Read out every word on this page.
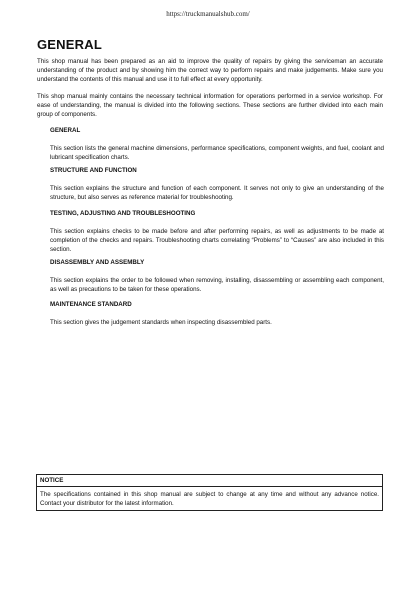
https://truckmanualshub.com/
GENERAL

This shop manual has been prepared as an aid to improve the quality of repairs by giving the serviceman an accurate understanding of the product and by showing him the correct way to perform repairs and make judgements. Make sure you understand the contents of this manual and use it to full effect at every opportunity.

This shop manual mainly contains the necessary technical information for operations performed in a service workshop. For ease of understanding, the manual is divided into the following sections. These sections are further divided into each main group of components.

GENERAL

This section lists the general machine dimensions, performance specifications, component weights, and fuel, coolant and lubricant specification charts.

STRUCTURE AND FUNCTION

This section explains the structure and function of each component. It serves not only to give an understanding of the structure, but also serves as reference material for troubleshooting.

TESTING, ADJUSTING AND TROUBLESHOOTING

This section explains checks to be made before and after performing repairs, as well as adjustments to be made at completion of the checks and repairs. Troubleshooting charts correlating “Problems” to “Causes” are also included in this section.

DISASSEMBLY AND ASSEMBLY

This section explains the order to be followed when removing, installing, disassembling or assembling each component, as well as precautions to be taken for these operations.

MAINTENANCE STANDARD

This section gives the judgement standards when inspecting disassembled parts.

NOTICE
The specifications contained in this shop manual are subject to change at any time and without any advance notice. Contact your distributor for the latest information.
